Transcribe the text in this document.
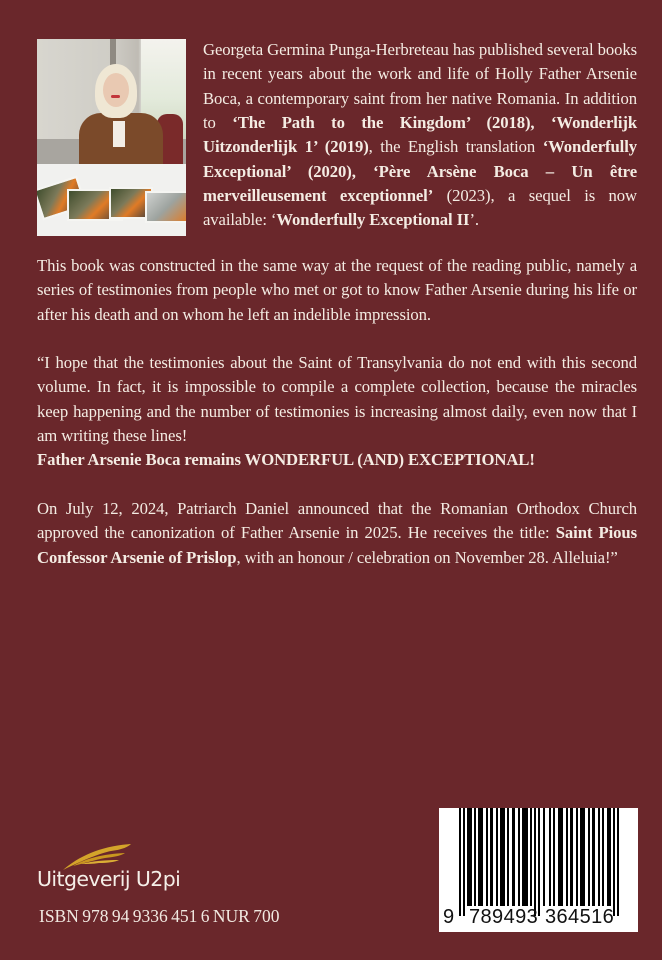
Georgeta Germina Punga-Herbreteau has published several books in recent years about the work and life of Holly Father Arsenie Boca, a contemporary saint from her native Romania. In addition to ‘The Path to the Kingdom’ (2018), ‘Wonderlijk Uitzonderlijk 1’ (2019), the English translation ‘Wonderfully Exceptional’ (2020), ‘Père Arsène Boca – Un être merveilleusement exceptionnel’ (2023), a sequel is now available: ‘Wonderfully Exceptional II’.

This book was constructed in the same way at the request of the reading public, namely a series of testimonies from people who met or got to know Father Arsenie during his life or after his death and on whom he left an indelible impression.

“I hope that the testimonies about the Saint of Transylvania do not end with this second volume. In fact, it is impossible to compile a complete collection, because the miracles keep happening and the number of testimonies is increasing almost daily, even now that I am writing these lines!

Father Arsenie Boca remains WONDERFUL (AND) EXCEPTIONAL!

On July 12, 2024, Patriarch Daniel announced that the Romanian Orthodox Church approved the canonization of Father Arsenie in 2025. He receives the title: Saint Pious Confessor Arsenie of Prislop, with an honour / celebration on November 28. Alleluia!”

Uitgeverij U2pi
ISBN 978 94 9336 451 6 NUR 700	9 789493 364516
